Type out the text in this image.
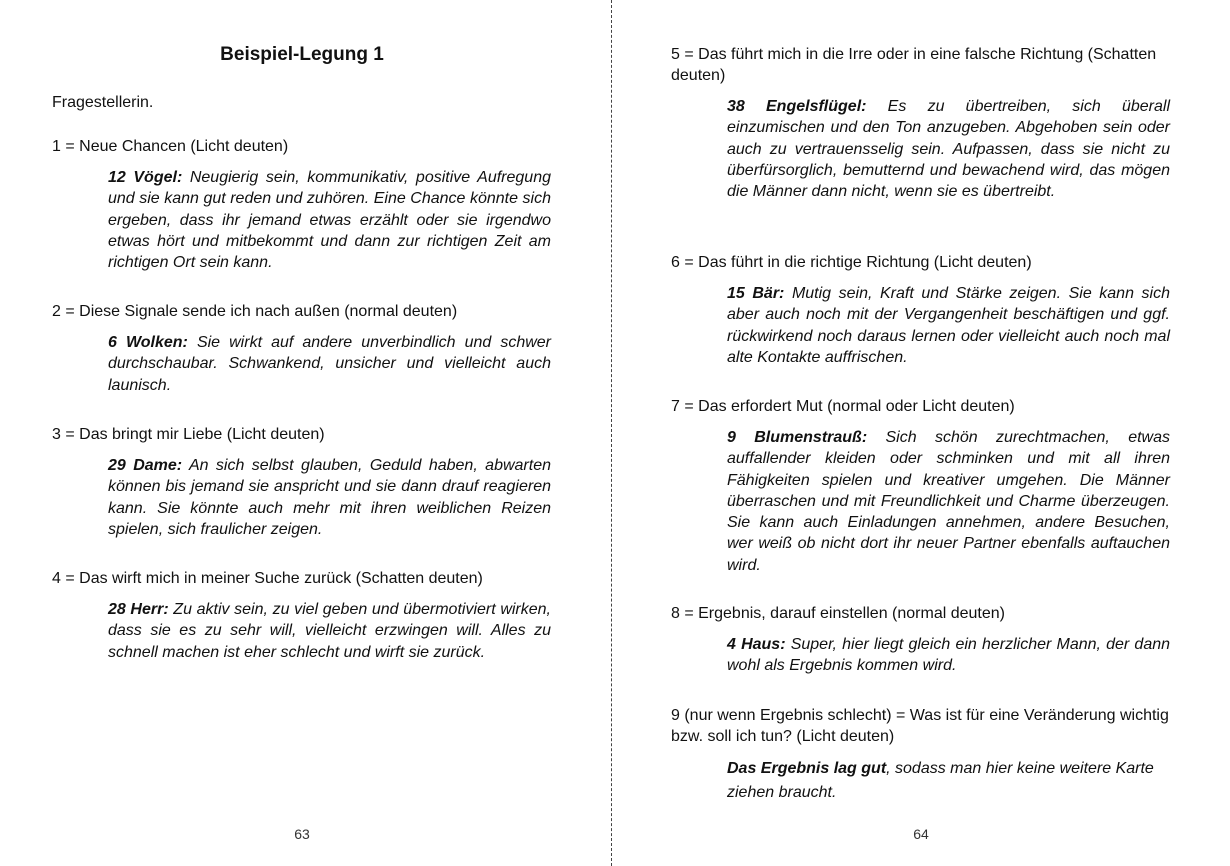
Beispiel-Legung 1
Fragestellerin.
1 = Neue Chancen (Licht deuten)
12 Vögel: Neugierig sein, kommunikativ, positive Aufregung und sie kann gut reden und zuhören. Eine Chance könnte sich ergeben, dass ihr jemand etwas erzählt oder sie irgendwo etwas hört und mitbekommt und dann zur richtigen Zeit am richtigen Ort sein kann.
2 = Diese Signale sende ich nach außen (normal deuten)
6 Wolken: Sie wirkt auf andere unverbindlich und schwer durchschaubar. Schwankend, unsicher und vielleicht auch launisch.
3 = Das bringt mir Liebe (Licht deuten)
29 Dame: An sich selbst glauben, Geduld haben, abwarten können bis jemand sie anspricht und sie dann drauf reagieren kann. Sie könnte auch mehr mit ihren weiblichen Reizen spielen, sich fraulicher zeigen.
4 = Das wirft mich in meiner Suche zurück (Schatten deuten)
28 Herr: Zu aktiv sein, zu viel geben und übermotiviert wirken, dass sie es zu sehr will, vielleicht erzwingen will. Alles zu schnell machen ist eher schlecht und wirft sie zurück.
63
5 = Das führt mich in die Irre oder in eine falsche Richtung (Schatten deuten)
38 Engelsflügel: Es zu übertreiben, sich überall einzumischen und den Ton anzugeben. Abgehoben sein oder auch zu vertrauensselig sein. Aufpassen, dass sie nicht zu überfürsorglich, bemutternd und bewachend wird, das mögen die Männer dann nicht, wenn sie es übertreibt.
6 = Das führt in die richtige Richtung (Licht deuten)
15 Bär: Mutig sein, Kraft und Stärke zeigen. Sie kann sich aber auch noch mit der Vergangenheit beschäftigen und ggf. rückwirkend noch daraus lernen oder vielleicht auch noch mal alte Kontakte auffrischen.
7 = Das erfordert Mut (normal oder Licht deuten)
9 Blumenstrauß: Sich schön zurechtmachen, etwas auffallender kleiden oder schminken und mit all ihren Fähigkeiten spielen und kreativer umgehen. Die Männer überraschen und mit Freundlichkeit und Charme überzeugen. Sie kann auch Einladungen annehmen, andere Besuchen, wer weiß ob nicht dort ihr neuer Partner ebenfalls auftauchen wird.
8 = Ergebnis, darauf einstellen (normal deuten)
4 Haus: Super, hier liegt gleich ein herzlicher Mann, der dann wohl als Ergebnis kommen wird.
9 (nur wenn Ergebnis schlecht) = Was ist für eine Veränderung wichtig bzw. soll ich tun? (Licht deuten)
Das Ergebnis lag gut, sodass man hier keine weitere Karte ziehen braucht.
64
